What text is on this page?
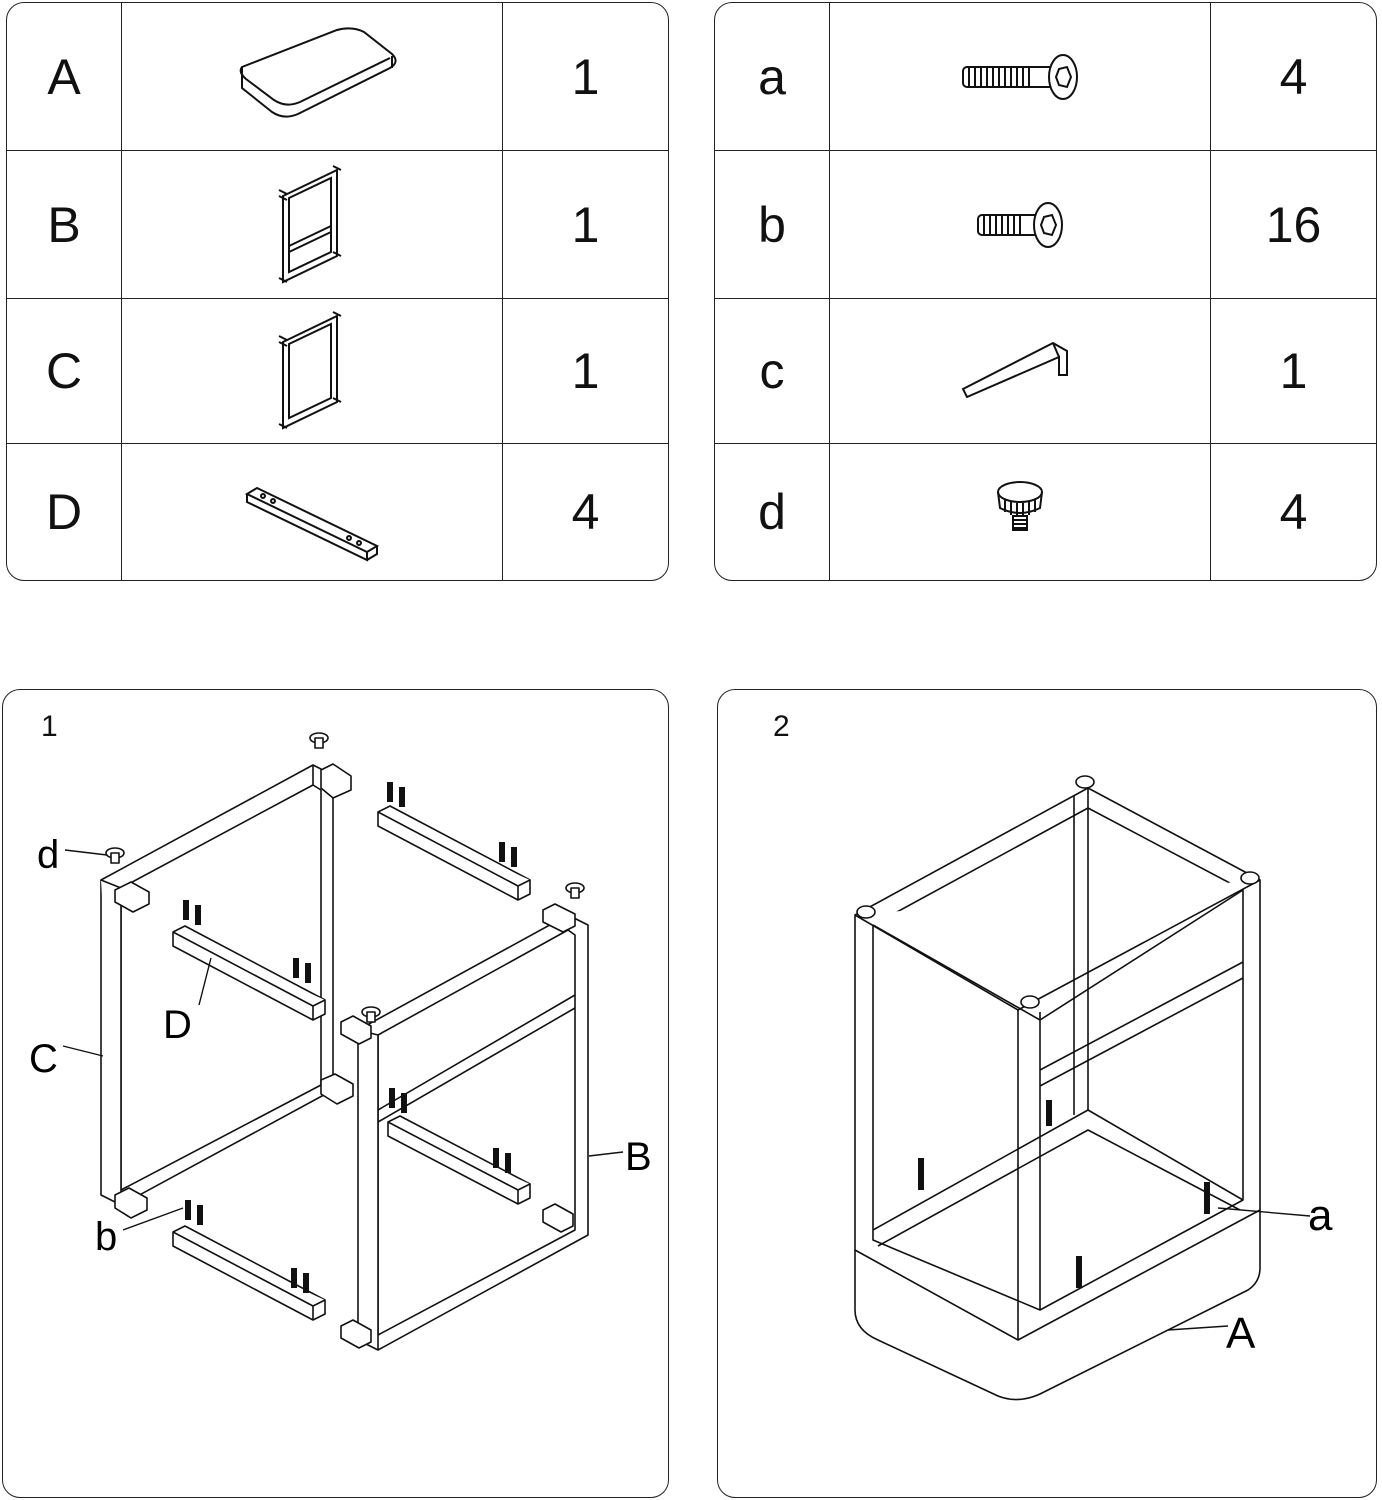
A	1
B	1
C	1
D	4
a	4
b	16
c	1
d	4
1
d
D
C
b
B
2
a
A
